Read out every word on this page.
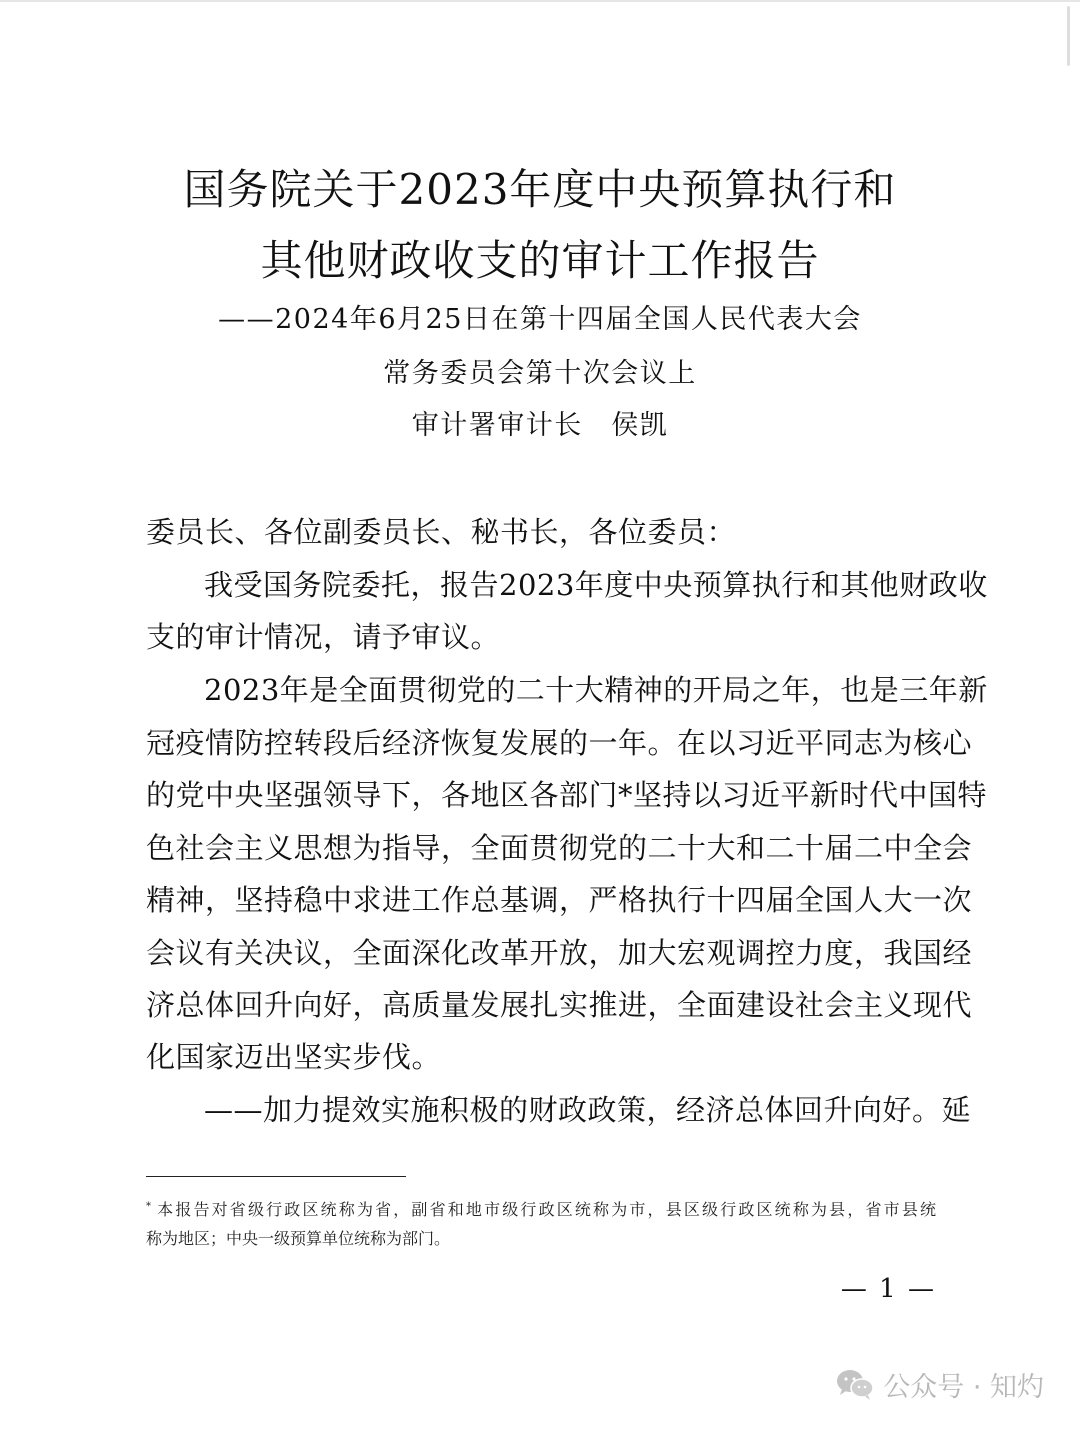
国务院关于2023年度中央预算执行和
其他财政收支的审计工作报告
——2024年6月25日在第十四届全国人民代表大会
常务委员会第十次会议上
审计署审计长　侯凯
委员长、各位副委员长、秘书长，各位委员：
我受国务院委托，报告2023年度中央预算执行和其他财政收
支的审计情况，请予审议。
2023年是全面贯彻党的二十大精神的开局之年，也是三年新
冠疫情防控转段后经济恢复发展的一年。在以习近平同志为核心
的党中央坚强领导下，各地区各部门*坚持以习近平新时代中国特
色社会主义思想为指导，全面贯彻党的二十大和二十届二中全会
精神，坚持稳中求进工作总基调，严格执行十四届全国人大一次
会议有关决议，全面深化改革开放，加大宏观调控力度，我国经
济总体回升向好，高质量发展扎实推进，全面建设社会主义现代
化国家迈出坚实步伐。
——加力提效实施积极的财政政策，经济总体回升向好。延
* 本报告对省级行政区统称为省，副省和地市级行政区统称为市，县区级行政区统称为县，省市县统
称为地区；中央一级预算单位统称为部门。
— 1 —
公众号 · 知灼
